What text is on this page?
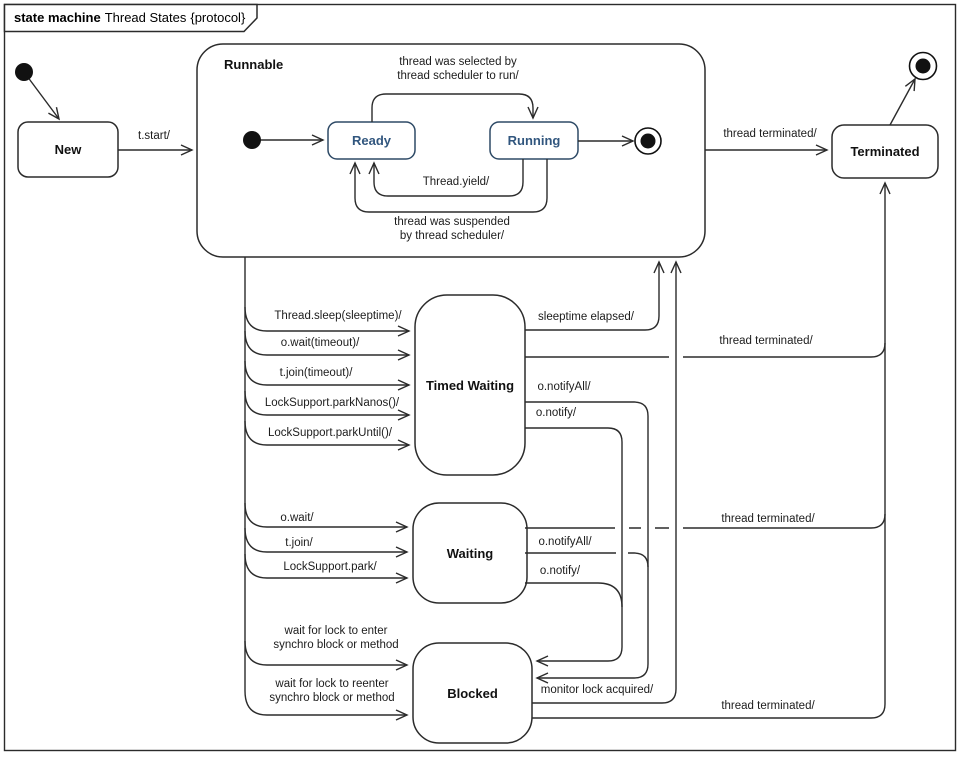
state machine Thread States {protocol}
New
Runnable
Ready	Running
Terminated
Timed Waiting
Waiting
Blocked
t.start/
thread was selected by
thread scheduler to run/
Thread.yield/
thread was suspended
by thread scheduler/
thread terminated/
Thread.sleep(sleeptime)/
o.wait(timeout)/
t.join(timeout)/
LockSupport.parkNanos()/
LockSupport.parkUntil()/
sleeptime elapsed/
thread terminated/
o.notifyAll/
o.notify/
o.wait/
t.join/
LockSupport.park/
thread terminated/
o.notifyAll/
o.notify/
wait for lock to enter
synchro block or method
wait for lock to reenter
synchro block or method
monitor lock acquired/
thread terminated/
